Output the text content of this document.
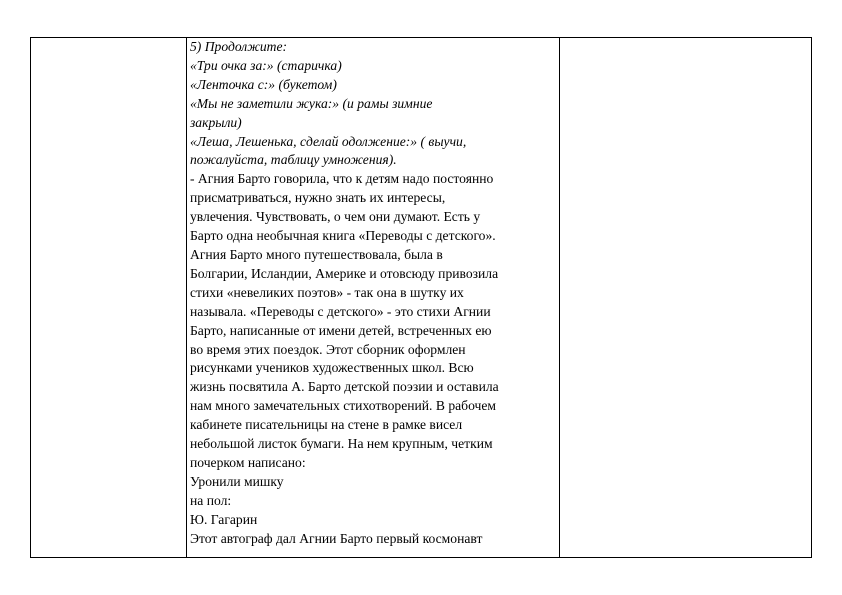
5) Продолжите:
«Три очка за:» (старичка)
«Ленточка с:» (букетом)
«Мы не заметили жука:» (и рамы зимние
закрыли)
«Леша, Лешенька, сделай одолжение:» ( выучи,
пожалуйста, таблицу умножения).
- Агния Барто говорила, что к детям надо постоянно
присматриваться, нужно знать их интересы,
увлечения. Чувствовать, о чем они думают. Есть у
Барто одна необычная книга «Переводы с детского».
Агния Барто много путешествовала, была в
Болгарии, Исландии, Америке и отовсюду привозила
стихи «невеликих поэтов» - так она в шутку их
называла. «Переводы с детского» - это стихи Агнии
Барто, написанные от имени детей, встреченных ею
во время этих поездок. Этот сборник оформлен
рисунками учеников художественных школ. Всю
жизнь посвятила А. Барто детской поэзии и оставила
нам много замечательных стихотворений. В рабочем
кабинете писательницы на стене в рамке висел
небольшой листок бумаги. На нем крупным, четким
почерком написано:
Уронили мишку
на пол:
Ю. Гагарин
Этот автограф дал Агнии Барто первый космонавт
